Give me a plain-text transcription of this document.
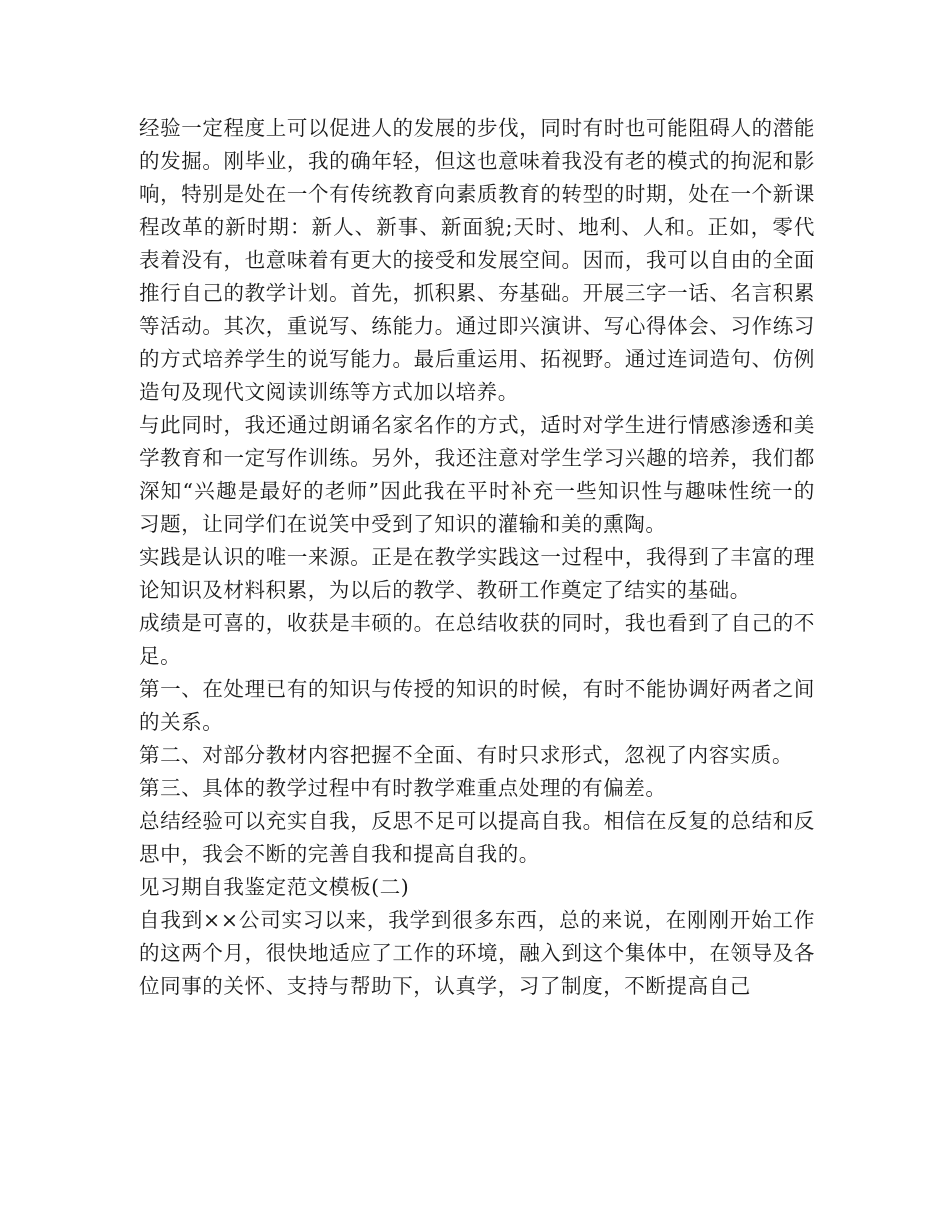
经验一定程度上可以促进人的发展的步伐，同时有时也可能阻碍人的潜能的发掘。刚毕业，我的确年轻，但这也意味着我没有老的模式的拘泥和影响，特别是处在一个有传统教育向素质教育的转型的时期，处在一个新课程改革的新时期：新人、新事、新面貌;天时、地利、人和。正如，零代表着没有，也意味着有更大的接受和发展空间。因而，我可以自由的全面推行自己的教学计划。首先，抓积累、夯基础。开展三字一话、名言积累等活动。其次，重说写、练能力。通过即兴演讲、写心得体会、习作练习的方式培养学生的说写能力。最后重运用、拓视野。通过连词造句、仿例造句及现代文阅读训练等方式加以培养。

与此同时，我还通过朗诵名家名作的方式，适时对学生进行情感渗透和美学教育和一定写作训练。另外，我还注意对学生学习兴趣的培养，我们都深知“兴趣是最好的老师”因此我在平时补充一些知识性与趣味性统一的习题，让同学们在说笑中受到了知识的灌输和美的熏陶。

实践是认识的唯一来源。正是在教学实践这一过程中，我得到了丰富的理论知识及材料积累，为以后的教学、教研工作奠定了结实的基础。

成绩是可喜的，收获是丰硕的。在总结收获的同时，我也看到了自己的不足。

第一、在处理已有的知识与传授的知识的时候，有时不能协调好两者之间的关系。

第二、对部分教材内容把握不全面、有时只求形式，忽视了内容实质。

第三、具体的教学过程中有时教学难重点处理的有偏差。

总结经验可以充实自我，反思不足可以提高自我。相信在反复的总结和反思中，我会不断的完善自我和提高自我的。

见习期自我鉴定范文模板(二)

自我到××公司实习以来，我学到很多东西，总的来说，在刚刚开始工作的这两个月，很快地适应了工作的环境，融入到这个集体中，在领导及各位同事的关怀、支持与帮助下，认真学，习了制度，不断提高自己
